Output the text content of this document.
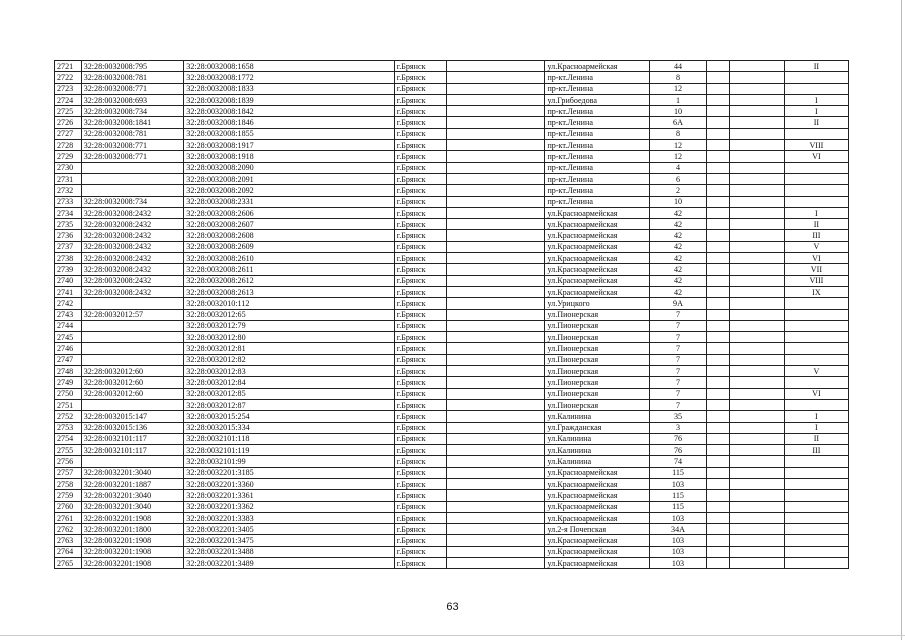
2721	32:28:0032008:795	32:28:0032008:1658	г.Брянск		ул.Красноармейская	44			II
2722	32:28:0032008:781	32:28:0032008:1772	г.Брянск		пр-кт.Ленина	8			
2723	32:28:0032008:771	32:28:0032008:1833	г.Брянск		пр-кт.Ленина	12			
2724	32:28:0032008:693	32:28:0032008:1839	г.Брянск		ул.Грибоедова	1			I
2725	32:28:0032008:734	32:28:0032008:1842	г.Брянск		пр-кт.Ленина	10			I
2726	32:28:0032008:1841	32:28:0032008:1846	г.Брянск		пр-кт.Ленина	6А			II
2727	32:28:0032008:781	32:28:0032008:1855	г.Брянск		пр-кт.Ленина	8			
2728	32:28:0032008:771	32:28:0032008:1917	г.Брянск		пр-кт.Ленина	12			VIII
2729	32:28:0032008:771	32:28:0032008:1918	г.Брянск		пр-кт.Ленина	12			VI
2730		32:28:0032008:2090	г.Брянск		пр-кт.Ленина	4			
2731		32:28:0032008:2091	г.Брянск		пр-кт.Ленина	6			
2732		32:28:0032008:2092	г.Брянск		пр-кт.Ленина	2			
2733	32:28:0032008:734	32:28:0032008:2331	г.Брянск		пр-кт.Ленина	10			
2734	32:28:0032008:2432	32:28:0032008:2606	г.Брянск		ул.Красноармейская	42			I
2735	32:28:0032008:2432	32:28:0032008:2607	г.Брянск		ул.Красноармейская	42			II
2736	32:28:0032008:2432	32:28:0032008:2608	г.Брянск		ул.Красноармейская	42			III
2737	32:28:0032008:2432	32:28:0032008:2609	г.Брянск		ул.Красноармейская	42			V
2738	32:28:0032008:2432	32:28:0032008:2610	г.Брянск		ул.Красноармейская	42			VI
2739	32:28:0032008:2432	32:28:0032008:2611	г.Брянск		ул.Красноармейская	42			VII
2740	32:28:0032008:2432	32:28:0032008:2612	г.Брянск		ул.Красноармейская	42			VIII
2741	32:28:0032008:2432	32:28:0032008:2613	г.Брянск		ул.Красноармейская	42			IX
2742		32:28:0032010:112	г.Брянск		ул.Урицкого	9А			
2743	32:28:0032012:57	32:28:0032012:65	г.Брянск		ул.Пионерская	7			
2744		32:28:0032012:79	г.Брянск		ул.Пионерская	7			
2745		32:28:0032012:80	г.Брянск		ул.Пионерская	7			
2746		32:28:0032012:81	г.Брянск		ул.Пионерская	7			
2747		32:28:0032012:82	г.Брянск		ул.Пионерская	7			
2748	32:28:0032012:60	32:28:0032012:83	г.Брянск		ул.Пионерская	7			V
2749	32:28:0032012:60	32:28:0032012:84	г.Брянск		ул.Пионерская	7			
2750	32:28:0032012:60	32:28:0032012:85	г.Брянск		ул.Пионерская	7			VI
2751		32:28:0032012:87	г.Брянск		ул.Пионерская	7			
2752	32:28:0032015:147	32:28:0032015:254	г.Брянск		ул.Калинина	35			I
2753	32:28:0032015:136	32:28:0032015:334	г.Брянск		ул.Гражданская	3			I
2754	32:28:0032101:117	32:28:0032101:118	г.Брянск		ул.Калинина	76			II
2755	32:28:0032101:117	32:28:0032101:119	г.Брянск		ул.Калинина	76			III
2756		32:28:0032101:99	г.Брянск		ул.Калинина	74			
2757	32:28:0032201:3040	32:28:0032201:3185	г.Брянск		ул.Красноармейская	115			
2758	32:28:0032201:1887	32:28:0032201:3360	г.Брянск		ул.Красноармейская	103			
2759	32:28:0032201:3040	32:28:0032201:3361	г.Брянск		ул.Красноармейская	115			
2760	32:28:0032201:3040	32:28:0032201:3362	г.Брянск		ул.Красноармейская	115			
2761	32:28:0032201:1908	32:28:0032201:3383	г.Брянск		ул.Красноармейская	103			
2762	32:28:0032201:1800	32:28:0032201:3405	г.Брянск		ул.2-я Почепская	34А			
2763	32:28:0032201:1908	32:28:0032201:3475	г.Брянск		ул.Красноармейская	103			
2764	32:28:0032201:1908	32:28:0032201:3488	г.Брянск		ул.Красноармейская	103			
2765	32:28:0032201:1908	32:28:0032201:3489	г.Брянск		ул.Красноармейская	103			
63
